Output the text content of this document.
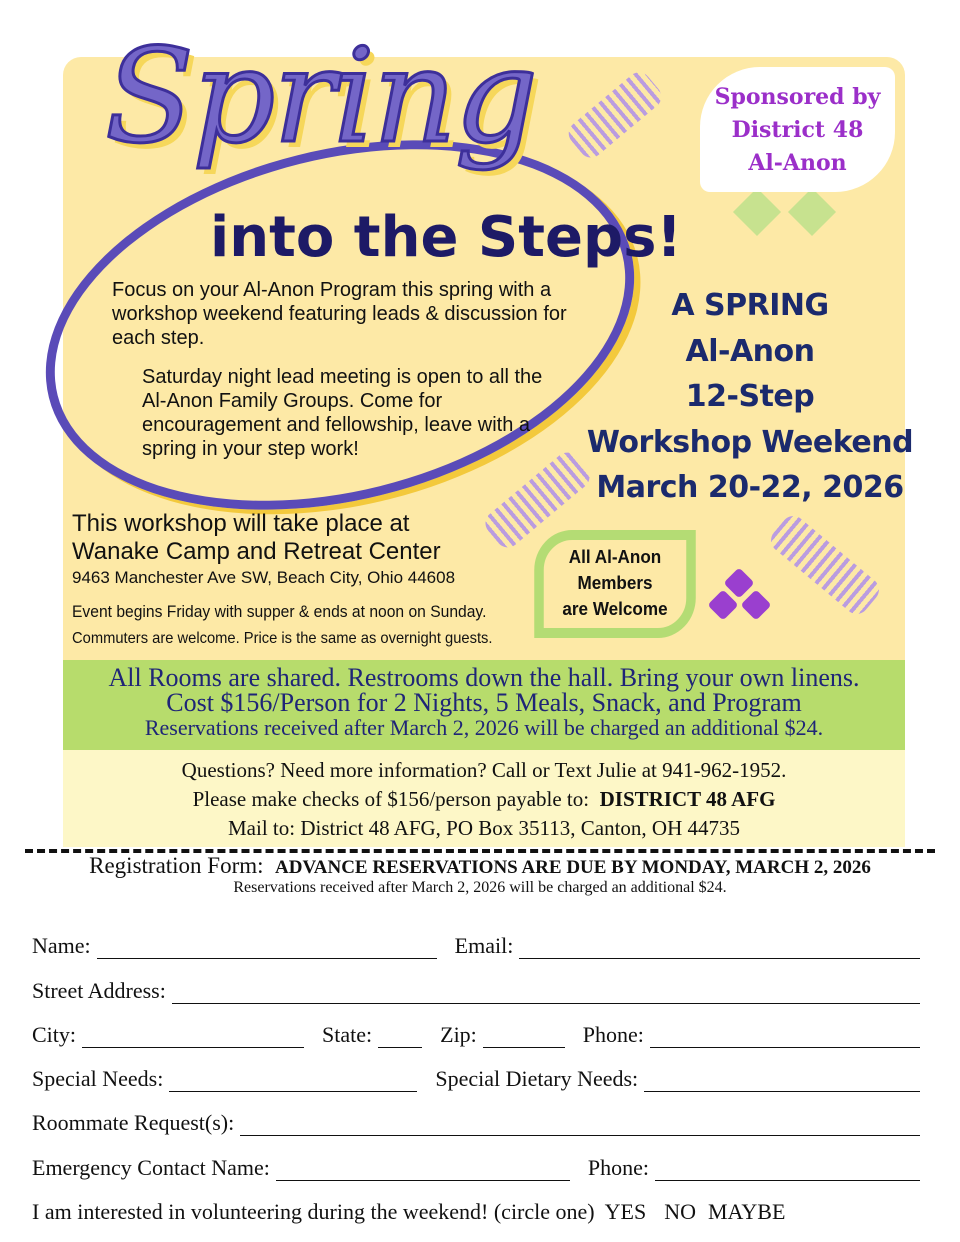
Spring
into the Steps!
Focus on your Al-Anon Program this spring with a workshop weekend featuring leads & discussion for each step.
Saturday night lead meeting is open to all the Al-Anon Family Groups. Come for encouragement and fellowship, leave with a spring in your step work!
Sponsored by
District 48
Al-Anon
This workshop will take place at
Wanake Camp and Retreat Center
9463 Manchester Ave SW, Beach City, Ohio 44608
Event begins Friday with supper & ends at noon on Sunday.
Commuters are welcome. Price is the same as overnight guests.
All Al-Anon
Members
are Welcome
A SPRING
Al-Anon
12-Step
Workshop Weekend
March 20-22, 2026
All Rooms are shared. Restrooms down the hall. Bring your own linens.
Cost $156/Person for 2 Nights, 5 Meals, Snack, and Program
Reservations received after March 2, 2026 will be charged an additional $24.
Questions? Need more information? Call or Text Julie at 941-962-1952.
Please make checks of $156/person payable to: DISTRICT 48 AFG
Mail to: District 48 AFG, PO Box 35113, Canton, OH 44735
Registration Form: ADVANCE RESERVATIONS ARE DUE BY MONDAY, MARCH 2, 2026
Reservations received after March 2, 2026 will be charged an additional $24.
Name:	Email:
Street Address:
City:	State:	Zip:	Phone:
Special Needs:	Special Dietary Needs:
Roommate Request(s):
Emergency Contact Name:	Phone:
I am interested in volunteering during the weekend! (circle one) YES NO MAYBE
